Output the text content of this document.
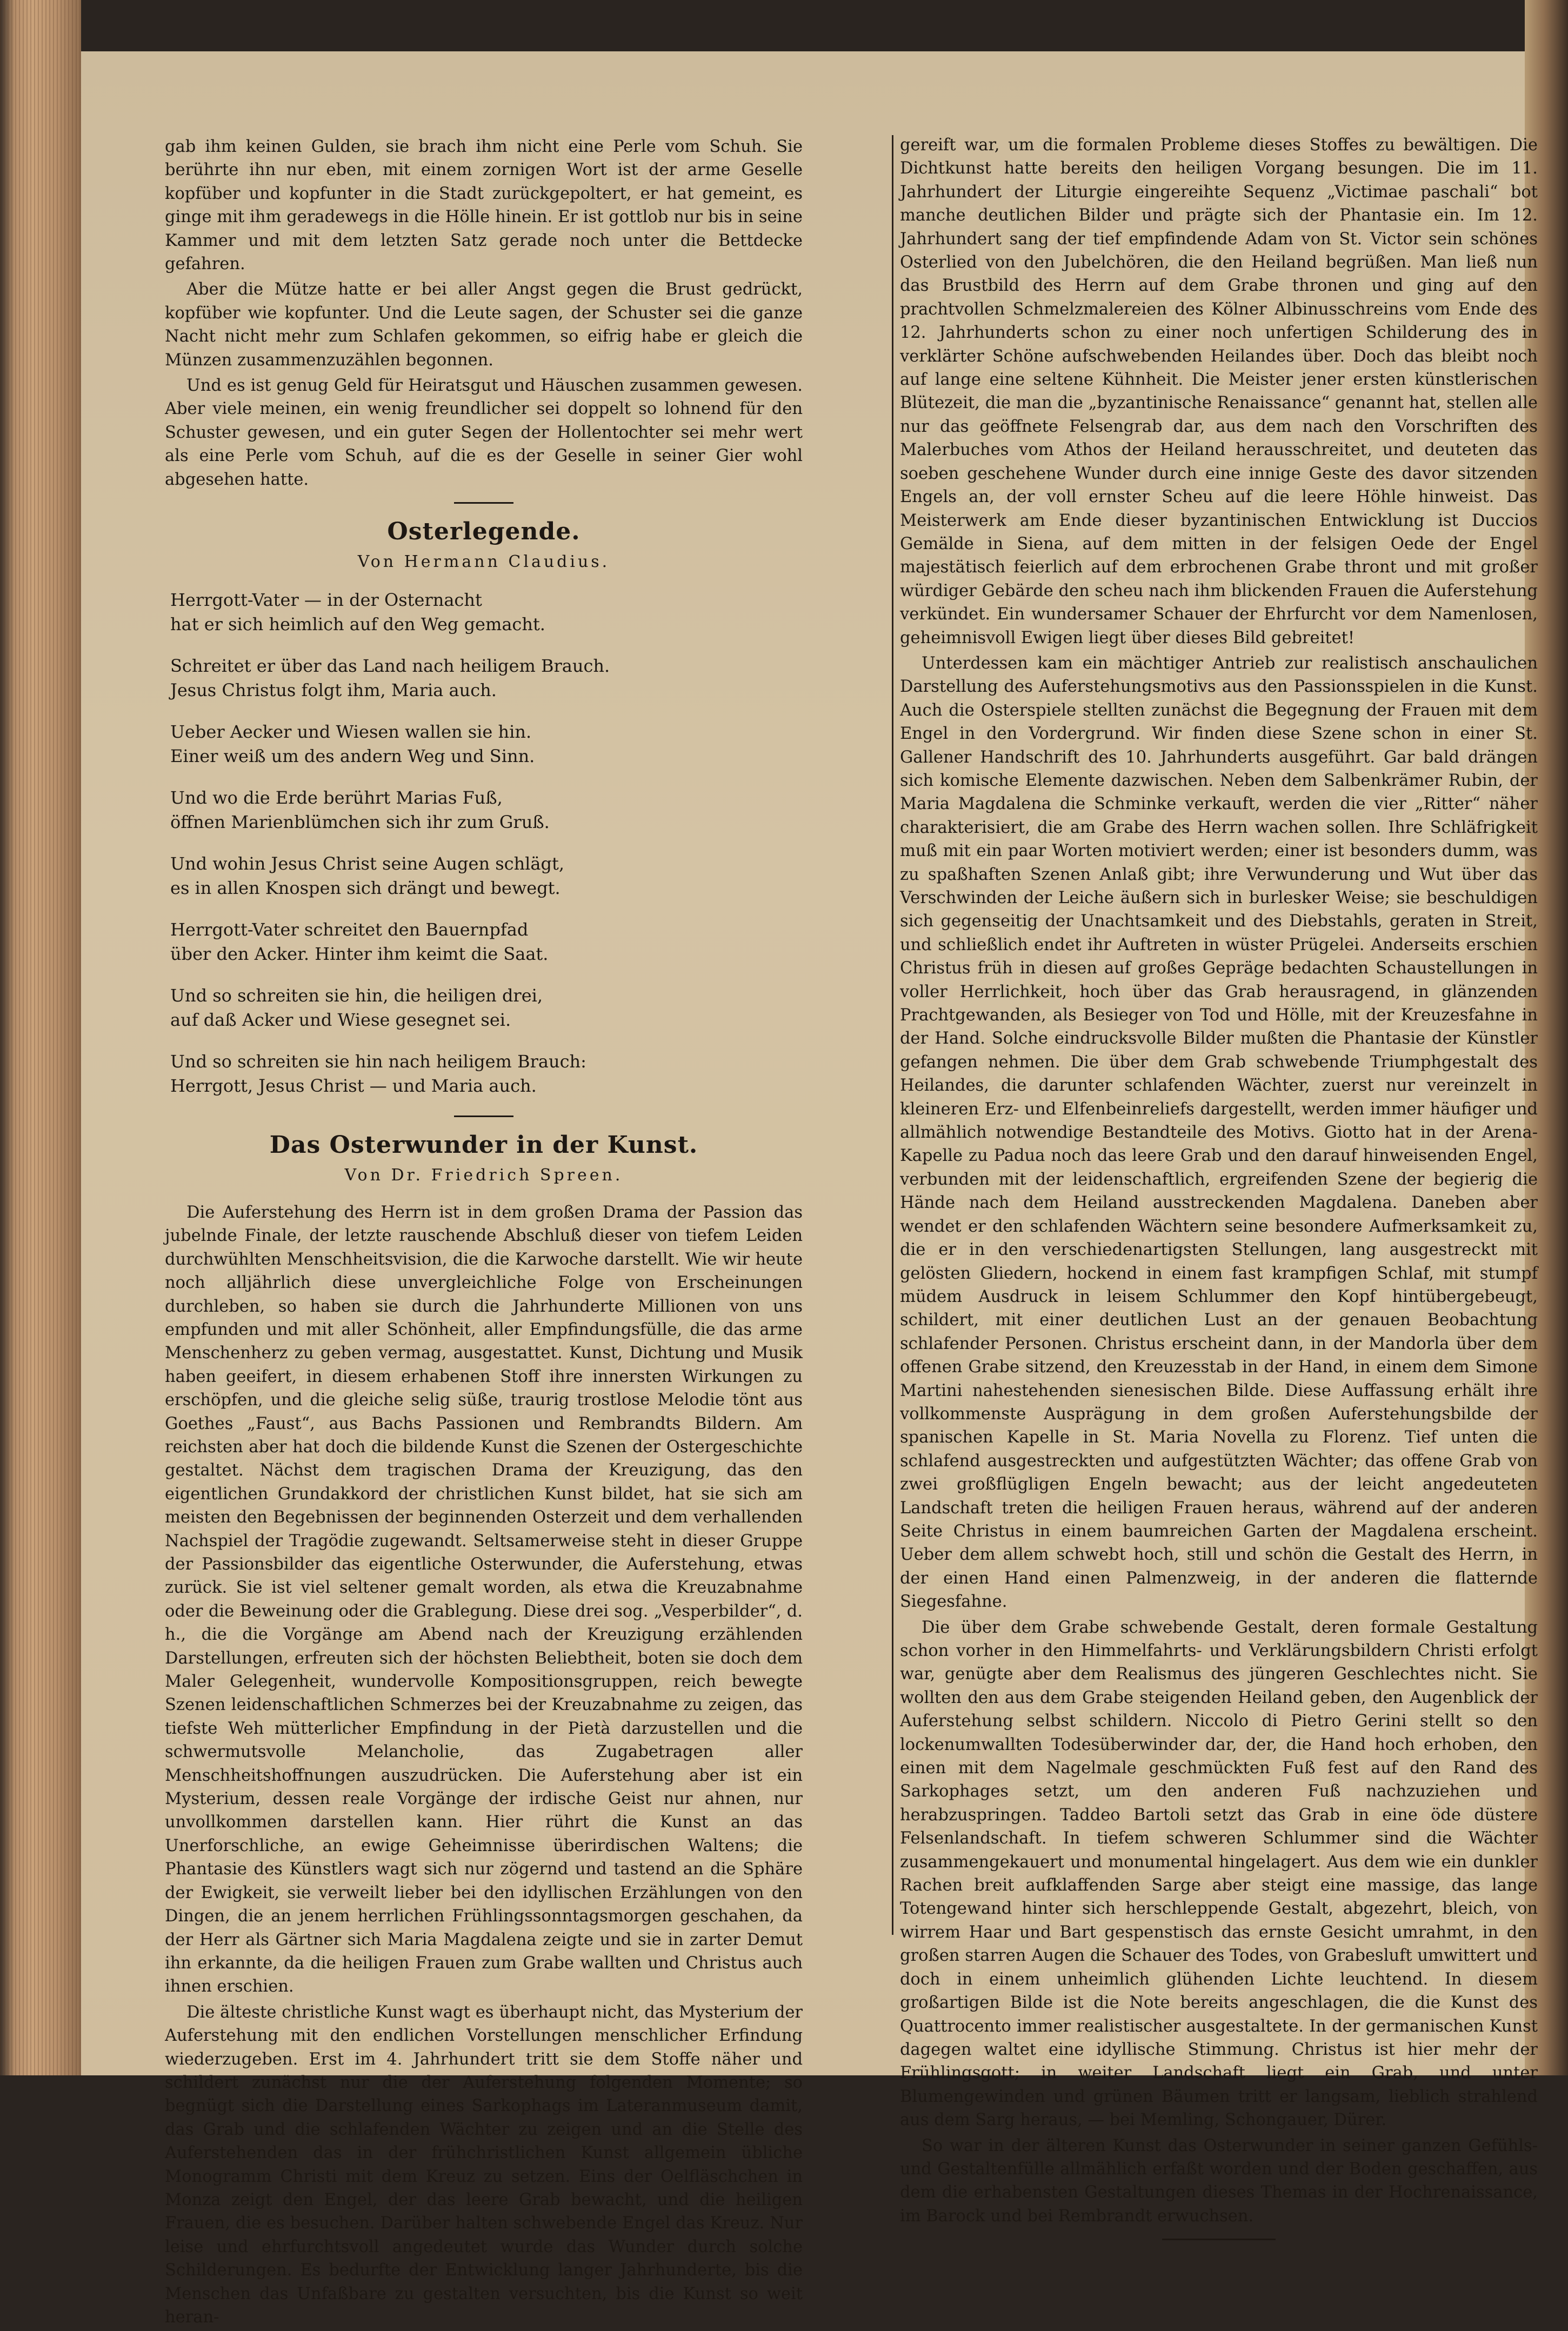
gab ihm keinen Gulden, sie brach ihm nicht eine Perle vom Schuh. Sie berührte ihn nur eben, mit einem zornigen Wort ist der arme Geselle kopfüber und kopfunter in die Stadt zurückgepoltert, er hat gemeint, es ginge mit ihm geradewegs in die Hölle hinein. Er ist gottlob nur bis in seine Kammer und mit dem letzten Satz gerade noch unter die Bettdecke gefahren.

Aber die Mütze hatte er bei aller Angst gegen die Brust gedrückt, kopfüber wie kopfunter. Und die Leute sagen, der Schuster sei die ganze Nacht nicht mehr zum Schlafen gekommen, so eifrig habe er gleich die Münzen zusammenzuzählen begonnen.

Und es ist genug Geld für Heiratsgut und Häuschen zusammen gewesen. Aber viele meinen, ein wenig freundlicher sei doppelt so lohnend für den Schuster gewesen, und ein guter Segen der Hollentochter sei mehr wert als eine Perle vom Schuh, auf die es der Geselle in seiner Gier wohl abgesehen hatte.

Osterlegende.
Von Hermann Claudius.
Herrgott-Vater — in der Osternacht
hat er sich heimlich auf den Weg gemacht.
Schreitet er über das Land nach heiligem Brauch.
Jesus Christus folgt ihm, Maria auch.
Ueber Aecker und Wiesen wallen sie hin.
Einer weiß um des andern Weg und Sinn.
Und wo die Erde berührt Marias Fuß,
öffnen Marienblümchen sich ihr zum Gruß.
Und wohin Jesus Christ seine Augen schlägt,
es in allen Knospen sich drängt und bewegt.
Herrgott-Vater schreitet den Bauernpfad
über den Acker. Hinter ihm keimt die Saat.
Und so schreiten sie hin, die heiligen drei,
auf daß Acker und Wiese gesegnet sei.
Und so schreiten sie hin nach heiligem Brauch:
Herrgott, Jesus Christ — und Maria auch.
Das Osterwunder in der Kunst.
Von Dr. Friedrich Spreen.

Die Auferstehung des Herrn ist in dem großen Drama der Passion das jubelnde Finale, der letzte rauschende Abschluß dieser von tiefem Leiden durchwühlten Menschheitsvision, die die Karwoche darstellt. Wie wir heute noch alljährlich diese unvergleichliche Folge von Erscheinungen durchleben, so haben sie durch die Jahrhunderte Millionen von uns empfunden und mit aller Schönheit, aller Empfindungsfülle, die das arme Menschenherz zu geben vermag, ausgestattet. Kunst, Dichtung und Musik haben geeifert, in diesem erhabenen Stoff ihre innersten Wirkungen zu erschöpfen, und die gleiche selig süße, traurig trostlose Melodie tönt aus Goethes „Faust“, aus Bachs Passionen und Rembrandts Bildern. Am reichsten aber hat doch die bildende Kunst die Szenen der Ostergeschichte gestaltet. Nächst dem tragischen Drama der Kreuzigung, das den eigentlichen Grundakkord der christlichen Kunst bildet, hat sie sich am meisten den Begebnissen der beginnenden Osterzeit und dem verhallenden Nachspiel der Tragödie zugewandt. Seltsamerweise steht in dieser Gruppe der Passionsbilder das eigentliche Osterwunder, die Auferstehung, etwas zurück. Sie ist viel seltener gemalt worden, als etwa die Kreuzabnahme oder die Beweinung oder die Grablegung. Diese drei sog. „Vesperbilder“, d. h., die die Vorgänge am Abend nach der Kreuzigung erzählenden Darstellungen, erfreuten sich der höchsten Beliebtheit, boten sie doch dem Maler Gelegenheit, wundervolle Kompositionsgruppen, reich bewegte Szenen leidenschaftlichen Schmerzes bei der Kreuzabnahme zu zeigen, das tiefste Weh mütterlicher Empfindung in der Pietà darzustellen und die schwermutsvolle Melancholie, das Zugabetragen aller Menschheitshoffnungen auszudrücken. Die Auferstehung aber ist ein Mysterium, dessen reale Vorgänge der irdische Geist nur ahnen, nur unvollkommen darstellen kann. Hier rührt die Kunst an das Unerforschliche, an ewige Geheimnisse überirdischen Waltens; die Phantasie des Künstlers wagt sich nur zögernd und tastend an die Sphäre der Ewigkeit, sie verweilt lieber bei den idyllischen Erzählungen von den Dingen, die an jenem herrlichen Frühlingssonntagsmorgen geschahen, da der Herr als Gärtner sich Maria Magdalena zeigte und sie in zarter Demut ihn erkannte, da die heiligen Frauen zum Grabe wallten und Christus auch ihnen erschien.

Die älteste christliche Kunst wagt es überhaupt nicht, das Mysterium der Auferstehung mit den endlichen Vorstellungen menschlicher Erfindung wiederzugeben. Erst im 4. Jahrhundert tritt sie dem Stoffe näher und schildert zunächst nur die der Auferstehung folgenden Momente; so begnügt sich die Darstellung eines Sarkophags im Lateranmuseum damit, das Grab und die schlafenden Wächter zu zeigen und an die Stelle des Auferstehenden das in der frühchristlichen Kunst allgemein übliche Monogramm Christi mit dem Kreuz zu setzen. Eins der Oelfläschchen in Monza zeigt den Engel, der das leere Grab bewacht, und die heiligen Frauen, die es besuchen. Darüber halten schwebende Engel das Kreuz. Nur leise und ehrfurchtsvoll angedeutet wurde das Wunder durch solche Schilderungen. Es bedurfte der Entwicklung langer Jahrhunderte, bis die Menschen das Unfaßbare zu gestalten versuchten, bis die Kunst so weit heran-

gereift war, um die formalen Probleme dieses Stoffes zu bewältigen. Die Dichtkunst hatte bereits den heiligen Vorgang besungen. Die im 11. Jahrhundert der Liturgie eingereihte Sequenz „Victimae paschali“ bot manche deutlichen Bilder und prägte sich der Phantasie ein. Im 12. Jahrhundert sang der tief empfindende Adam von St. Victor sein schönes Osterlied von den Jubelchören, die den Heiland begrüßen. Man ließ nun das Brustbild des Herrn auf dem Grabe thronen und ging auf den prachtvollen Schmelzmalereien des Kölner Albinusschreins vom Ende des 12. Jahrhunderts schon zu einer noch unfertigen Schilderung des in verklärter Schöne aufschwebenden Heilandes über. Doch das bleibt noch auf lange eine seltene Kühnheit. Die Meister jener ersten künstlerischen Blütezeit, die man die „byzantinische Renaissance“ genannt hat, stellen alle nur das geöffnete Felsengrab dar, aus dem nach den Vorschriften des Malerbuches vom Athos der Heiland herausschreitet, und deuteten das soeben geschehene Wunder durch eine innige Geste des davor sitzenden Engels an, der voll ernster Scheu auf die leere Höhle hinweist. Das Meisterwerk am Ende dieser byzantinischen Entwicklung ist Duccios Gemälde in Siena, auf dem mitten in der felsigen Oede der Engel majestätisch feierlich auf dem erbrochenen Grabe thront und mit großer würdiger Gebärde den scheu nach ihm blickenden Frauen die Auferstehung verkündet. Ein wundersamer Schauer der Ehrfurcht vor dem Namenlosen, geheimnisvoll Ewigen liegt über dieses Bild gebreitet!

Unterdessen kam ein mächtiger Antrieb zur realistisch anschaulichen Darstellung des Auferstehungsmotivs aus den Passionsspielen in die Kunst. Auch die Osterspiele stellten zunächst die Begegnung der Frauen mit dem Engel in den Vordergrund. Wir finden diese Szene schon in einer St. Gallener Handschrift des 10. Jahrhunderts ausgeführt. Gar bald drängen sich komische Elemente dazwischen. Neben dem Salbenkrämer Rubin, der Maria Magdalena die Schminke verkauft, werden die vier „Ritter“ näher charakterisiert, die am Grabe des Herrn wachen sollen. Ihre Schläfrigkeit muß mit ein paar Worten motiviert werden; einer ist besonders dumm, was zu spaßhaften Szenen Anlaß gibt; ihre Verwunderung und Wut über das Verschwinden der Leiche äußern sich in burlesker Weise; sie beschuldigen sich gegenseitig der Unachtsamkeit und des Diebstahls, geraten in Streit, und schließlich endet ihr Auftreten in wüster Prügelei. Anderseits erschien Christus früh in diesen auf großes Gepräge bedachten Schaustellungen in voller Herrlichkeit, hoch über das Grab herausragend, in glänzenden Prachtgewanden, als Besieger von Tod und Hölle, mit der Kreuzesfahne in der Hand. Solche eindrucksvolle Bilder mußten die Phantasie der Künstler gefangen nehmen. Die über dem Grab schwebende Triumphgestalt des Heilandes, die darunter schlafenden Wächter, zuerst nur vereinzelt in kleineren Erz- und Elfenbeinreliefs dargestellt, werden immer häufiger und allmählich notwendige Bestandteile des Motivs. Giotto hat in der Arena-Kapelle zu Padua noch das leere Grab und den darauf hinweisenden Engel, verbunden mit der leidenschaftlich, ergreifenden Szene der begierig die Hände nach dem Heiland ausstreckenden Magdalena. Daneben aber wendet er den schlafenden Wächtern seine besondere Aufmerksamkeit zu, die er in den verschiedenartigsten Stellungen, lang ausgestreckt mit gelösten Gliedern, hockend in einem fast krampfigen Schlaf, mit stumpf müdem Ausdruck in leisem Schlummer den Kopf hintübergebeugt, schildert, mit einer deutlichen Lust an der genauen Beobachtung schlafender Personen. Christus erscheint dann, in der Mandorla über dem offenen Grabe sitzend, den Kreuzesstab in der Hand, in einem dem Simone Martini nahestehenden sienesischen Bilde. Diese Auffassung erhält ihre vollkommenste Ausprägung in dem großen Auferstehungsbilde der spanischen Kapelle in St. Maria Novella zu Florenz. Tief unten die schlafend ausgestreckten und aufgestützten Wächter; das offene Grab von zwei großflügligen Engeln bewacht; aus der leicht angedeuteten Landschaft treten die heiligen Frauen heraus, während auf der anderen Seite Christus in einem baumreichen Garten der Magdalena erscheint. Ueber dem allem schwebt hoch, still und schön die Gestalt des Herrn, in der einen Hand einen Palmenzweig, in der anderen die flatternde Siegesfahne.

Die über dem Grabe schwebende Gestalt, deren formale Gestaltung schon vorher in den Himmelfahrts- und Verklärungsbildern Christi erfolgt war, genügte aber dem Realismus des jüngeren Geschlechtes nicht. Sie wollten den aus dem Grabe steigenden Heiland geben, den Augenblick der Auferstehung selbst schildern. Niccolo di Pietro Gerini stellt so den lockenumwallten Todesüberwinder dar, der, die Hand hoch erhoben, den einen mit dem Nagelmale geschmückten Fuß fest auf den Rand des Sarkophages setzt, um den anderen Fuß nachzuziehen und herabzuspringen. Taddeo Bartoli setzt das Grab in eine öde düstere Felsenlandschaft. In tiefem schweren Schlummer sind die Wächter zusammengekauert und monumental hingelagert. Aus dem wie ein dunkler Rachen breit aufklaffenden Sarge aber steigt eine massige, das lange Totengewand hinter sich herschleppende Gestalt, abgezehrt, bleich, von wirrem Haar und Bart gespenstisch das ernste Gesicht umrahmt, in den großen starren Augen die Schauer des Todes, von Grabesluft umwittert und doch in einem unheimlich glühenden Lichte leuchtend. In diesem großartigen Bilde ist die Note bereits angeschlagen, die die Kunst des Quattrocento immer realistischer ausgestaltete. In der germanischen Kunst dagegen waltet eine idyllische Stimmung. Christus ist hier mehr der Frühlingsgott; in weiter Landschaft liegt ein Grab, und unter Blumengewinden und grünen Bäumen tritt er langsam, lieblich strahlend aus dem Sarg heraus, — bei Memling, Schongauer, Dürer.

So war in der älteren Kunst das Osterwunder in seiner ganzen Gefühls- und Gestaltenfülle allmählich erfaßt worden und der Boden geschaffen, aus dem die erhabensten Gestaltungen dieses Themas in der Hochrenaissance, im Barock und bei Rembrandt erwuchsen.
